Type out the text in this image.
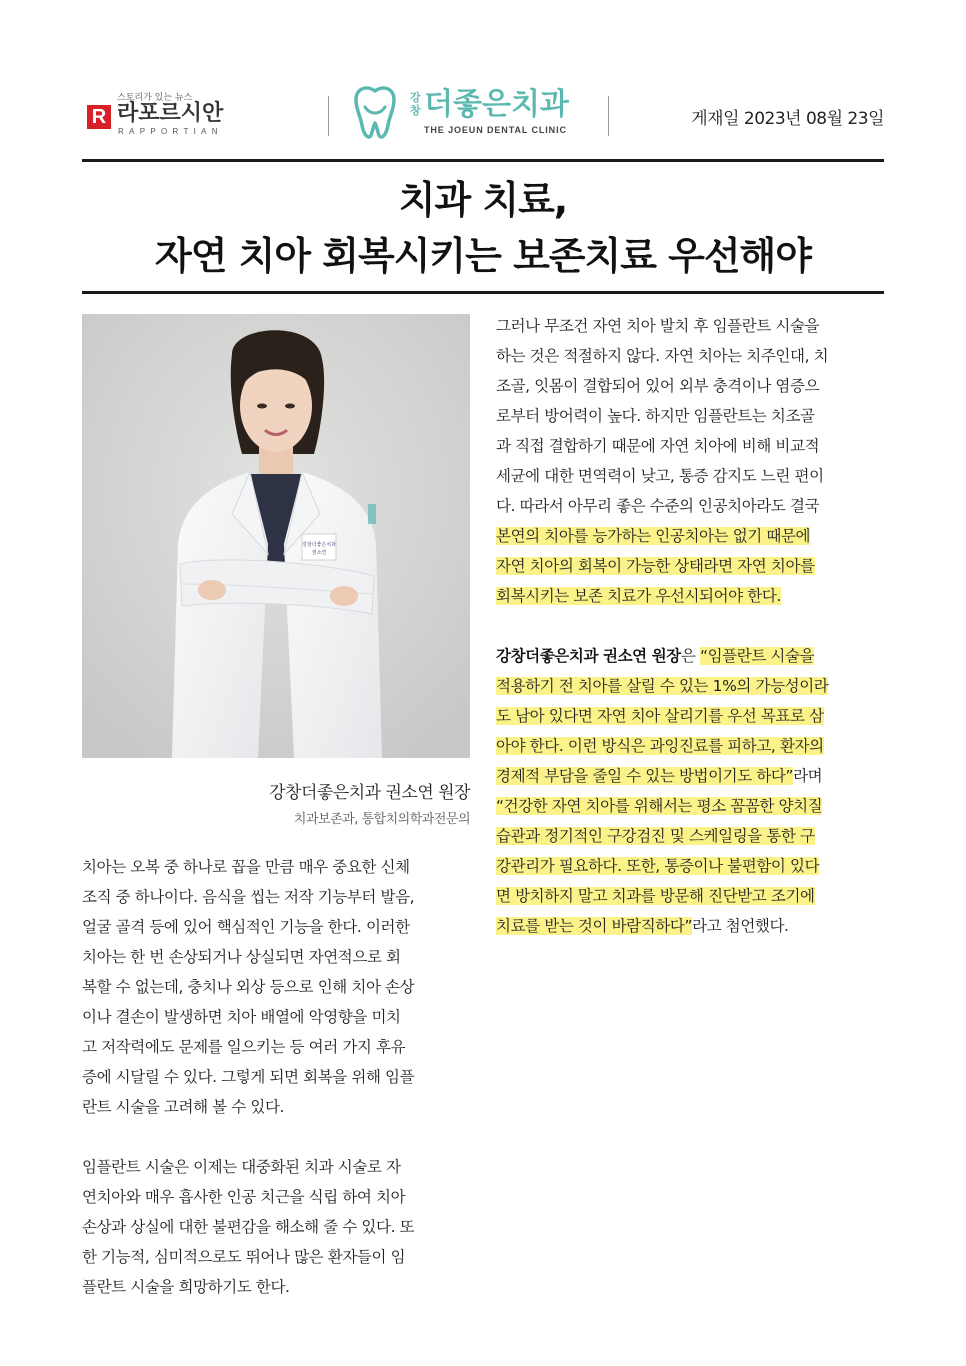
R
스토리가 있는 뉴스
라포르시안
RAPPORTIAN
강창 더좋은치과
THE JOEUN DENTAL CLINIC
게재일 2023년 08월 23일
치과 치료,
자연 치아 회복시키는 보존치료 우선해야
강창더좋은치과
권소연
강창더좋은치과 권소연 원장
치과보존과, 통합치의학과전문의

치아는 오복 중 하나로 꼽을 만큼 매우 중요한 신체
조직 중 하나이다. 음식을 씹는 저작 기능부터 발음,
얼굴 골격 등에 있어 핵심적인 기능을 한다. 이러한
치아는 한 번 손상되거나 상실되면 자연적으로 회
복할 수 없는데, 충치나 외상 등으로 인해 치아 손상
이나 결손이 발생하면 치아 배열에 악영향을 미치
고 저작력에도 문제를 일으키는 등 여러 가지 후유
증에 시달릴 수 있다. 그렇게 되면 회복을 위해 임플
란트 시술을 고려해 볼 수 있다.

임플란트 시술은 이제는 대중화된 치과 시술로 자
연치아와 매우 흡사한 인공 치근을 식립 하여 치아
손상과 상실에 대한 불편감을 해소해 줄 수 있다. 또
한 기능적, 심미적으로도 뛰어나 많은 환자들이 임
플란트 시술을 희망하기도 한다.

그러나 무조건 자연 치아 발치 후 임플란트 시술을
하는 것은 적절하지 않다. 자연 치아는 치주인대, 치
조골, 잇몸이 결합되어 있어 외부 충격이나 염증으
로부터 방어력이 높다. 하지만 임플란트는 치조골
과 직접 결합하기 때문에 자연 치아에 비해 비교적
세균에 대한 면역력이 낮고, 통증 감지도 느린 편이
다. 따라서 아무리 좋은 수준의 인공치아라도 결국
본연의 치아를 능가하는 인공치아는 없기 때문에
자연 치아의 회복이 가능한 상태라면 자연 치아를
회복시키는 보존 치료가 우선시되어야 한다.

강창더좋은치과 권소연 원장은 “임플란트 시술을
적용하기 전 치아를 살릴 수 있는 1%의 가능성이라
도 남아 있다면 자연 치아 살리기를 우선 목표로 삼
아야 한다. 이런 방식은 과잉진료를 피하고, 환자의
경제적 부담을 줄일 수 있는 방법이기도 하다”라며
“건강한 자연 치아를 위해서는 평소 꼼꼼한 양치질
습관과 정기적인 구강검진 및 스케일링을 통한 구
강관리가 필요하다. 또한, 통증이나 불편함이 있다
면 방치하지 말고 치과를 방문해 진단받고 조기에
치료를 받는 것이 바람직하다”라고 첨언했다.
